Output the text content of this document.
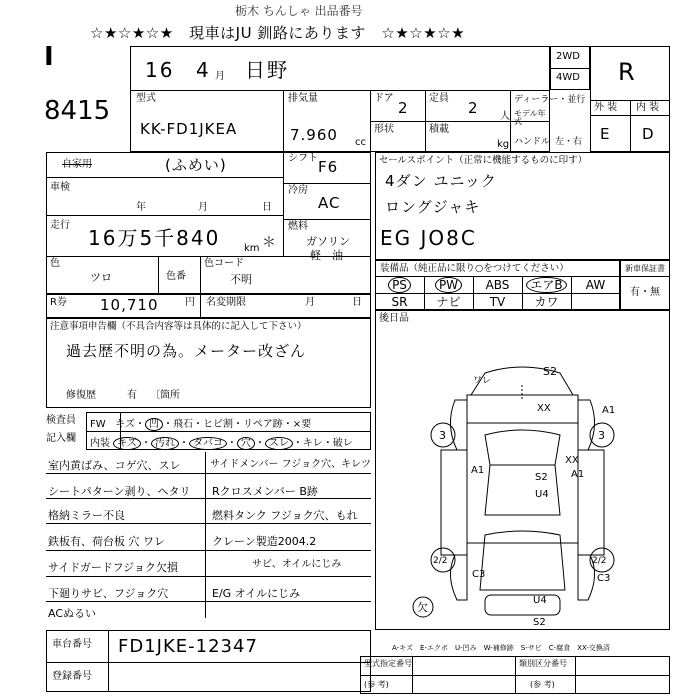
☆★☆★☆★　現車はJU 釧路にあります　☆★☆★☆★
I
8415
栃木 ちんしゃ 出品番号
2WD
4WD R
外 装 内 装
E D
16 4 月 日野
型式
KK-FD1JKEA
排気量
7.960 cc
ドア
2
定員
2 人
ディーラー・並行
形状	積載
kg
モデル年式
ハンドル 左・右
自家用	(ふめい)	シフト F6
車検
年	月	日
冷房
AC
走行
16万5千840 km ＊
燃料
ガソリン
軽　油
色
ツロ	色番
色コード
不明
R券 10,710	円 名変期限	月	日
注意事項申告欄（不具合内容等は具体的に記入して下さい）
過去歴不明の為。メーター改ざん
修復歴	有 〔箇所
検査員
記入欄
FW キズ・ 凹 ・飛石・ヒビ割・リペア跡・×要
内装 キズ ・ 汚れ ・ タバコ ・ 穴 ・ スレ ・キレ・破レ
室内黄ばみ、コゲ穴、スレ
シートパターン剥り、ヘタリ
格納ミラー不良
鉄板有、荷台板 穴 ワレ
サイドガードフジョク欠損
下廻りサビ、フジョク穴
ACぬるい
サイドメンバー フジョク穴、キレツ
Rクロスメンバー B跡
燃料タンク フジョク穴、もれ
クレーン製造2004.2
サビ、オイルにじみ
E/G オイルにじみ
車台番号 FD1JKE-12347
登録番号
セールスポイント（正常に機能するものに印す）
4ダン ユニック
ロングジャキ
EG JO8C
装備品（純正品に限り○をつけてください）
PS	PW	ABS	エアB	AW
SR	ナビ	TV	カワ
新車保証書
有・無
後日品
S2
ワレ
XX	A1
3	3
A1
XX
A1
S2
U4
2/2	2/2
C3	C3
U4
欠
S2
A-キズ　E-エクボ　U-凹み　W-補修跡　S-サビ　C-腐食　XX-交換済
型式指定番号
(参 考)
類別区分番号
(参 考)
